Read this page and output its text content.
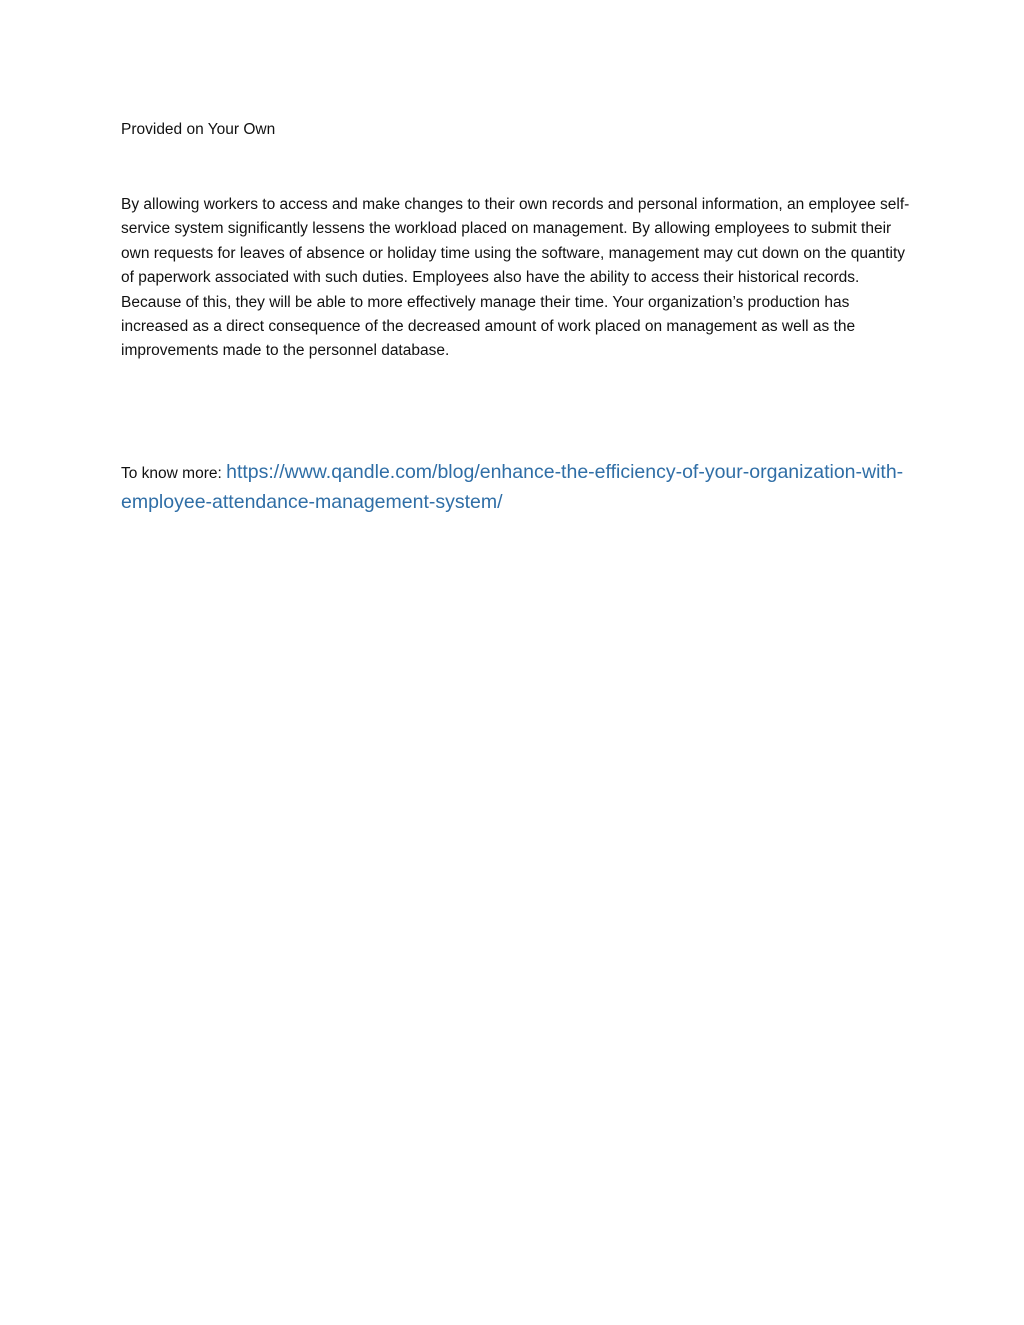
Provided on Your Own

By allowing workers to access and make changes to their own records and personal information, an employee self-service system significantly lessens the workload placed on management. By allowing employees to submit their own requests for leaves of absence or holiday time using the software, management may cut down on the quantity of paperwork associated with such duties. Employees also have the ability to access their historical records. Because of this, they will be able to more effectively manage their time. Your organization’s production has increased as a direct consequence of the decreased amount of work placed on management as well as the improvements made to the personnel database.

To know more: https://www.qandle.com/blog/enhance-the-efficiency-of-your-organization-with-employee-attendance-management-system/
